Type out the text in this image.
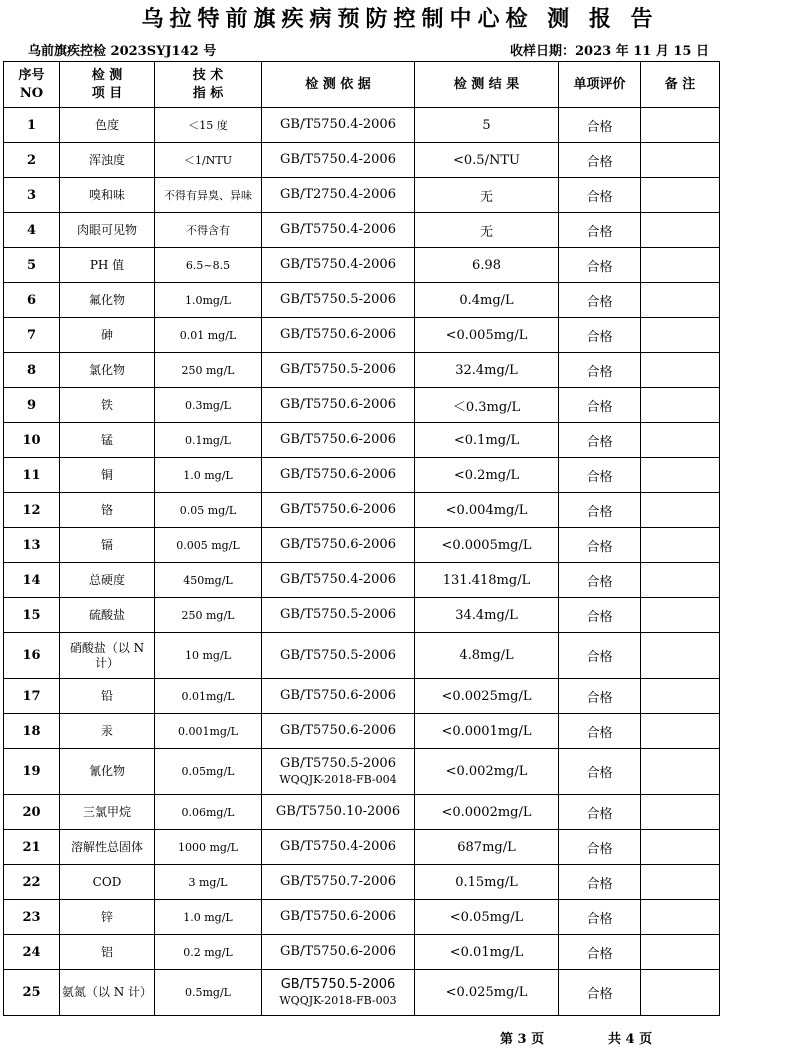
乌拉特前旗疾病预防控制中心检 测 报 告
乌前旗疾控检 2023SYJ142 号	收样日期：2023 年 11 月 15 日
序号
NO	检 测
项 目	技 术
指 标	检 测 依 据	检 测 结 果	单项评价	备 注
1	色度	＜15 度	GB/T5750.4-2006	5	合格	
2	浑浊度	＜1/NTU	GB/T5750.4-2006	<0.5/NTU	合格	
3	嗅和味	不得有异臭、异味	GB/T2750.4-2006	无	合格	
4	肉眼可见物	不得含有	GB/T5750.4-2006	无	合格	
5	PH 值	6.5~8.5	GB/T5750.4-2006	6.98	合格	
6	氟化物	1.0mg/L	GB/T5750.5-2006	0.4mg/L	合格	
7	砷	0.01 mg/L	GB/T5750.6-2006	<0.005mg/L	合格	
8	氯化物	250 mg/L	GB/T5750.5-2006	32.4mg/L	合格	
9	铁	0.3mg/L	GB/T5750.6-2006	＜0.3mg/L	合格	
10	锰	0.1mg/L	GB/T5750.6-2006	<0.1mg/L	合格	
11	铜	1.0 mg/L	GB/T5750.6-2006	<0.2mg/L	合格	
12	铬	0.05 mg/L	GB/T5750.6-2006	<0.004mg/L	合格	
13	镉	0.005 mg/L	GB/T5750.6-2006	<0.0005mg/L	合格	
14	总硬度	450mg/L	GB/T5750.4-2006	131.418mg/L	合格	
15	硫酸盐	250 mg/L	GB/T5750.5-2006	34.4mg/L	合格	
16	硝酸盐（以 N 计）	10 mg/L	GB/T5750.5-2006	4.8mg/L	合格	
17	铅	0.01mg/L	GB/T5750.6-2006	<0.0025mg/L	合格	
18	汞	0.001mg/L	GB/T5750.6-2006	<0.0001mg/L	合格	
19	氰化物	0.05mg/L	GB/T5750.5-2006
WQQJK-2018-FB-004	<0.002mg/L	合格	
20	三氯甲烷	0.06mg/L	GB/T5750.10-2006	<0.0002mg/L	合格	
21	溶解性总固体	1000 mg/L	GB/T5750.4-2006	687mg/L	合格	
22	COD	3 mg/L	GB/T5750.7-2006	0.15mg/L	合格	
23	锌	1.0 mg/L	GB/T5750.6-2006	<0.05mg/L	合格	
24	铝	0.2 mg/L	GB/T5750.6-2006	<0.01mg/L	合格	
25	氨氮（以 N 计）	0.5mg/L	GB/T5750.5-2006
WQQJK-2018-FB-003	<0.025mg/L	合格	
第 3 页	共 4 页
